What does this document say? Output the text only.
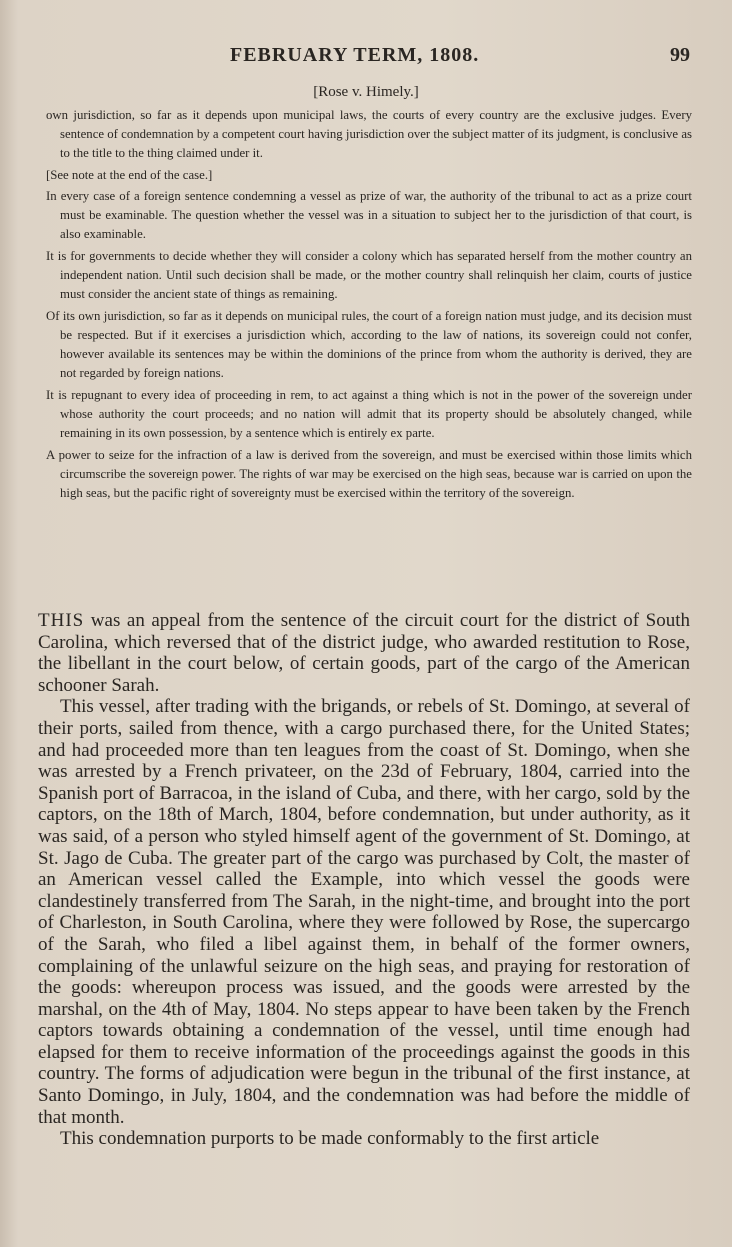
FEBRUARY TERM, 1808.	99
[Rose v. Himely.]

own jurisdiction, so far as it depends upon municipal laws, the courts of every country are the exclusive judges. Every sentence of condemnation by a competent court having jurisdiction over the subject matter of its judgment, is conclusive as to the title to the thing claimed under it.

[See note at the end of the case.]

In every case of a foreign sentence condemning a vessel as prize of war, the authority of the tribunal to act as a prize court must be examinable. The question whether the vessel was in a situation to subject her to the jurisdiction of that court, is also examinable.

It is for governments to decide whether they will consider a colony which has separated herself from the mother country an independent nation. Until such decision shall be made, or the mother country shall relinquish her claim, courts of justice must consider the ancient state of things as remaining.

Of its own jurisdiction, so far as it depends on municipal rules, the court of a foreign nation must judge, and its decision must be respected. But if it exercises a jurisdiction which, according to the law of nations, its sovereign could not confer, however available its sentences may be within the dominions of the prince from whom the authority is derived, they are not regarded by foreign nations.

It is repugnant to every idea of proceeding in rem, to act against a thing which is not in the power of the sovereign under whose authority the court proceeds; and no nation will admit that its property should be absolutely changed, while remaining in its own possession, by a sentence which is entirely ex parte.

A power to seize for the infraction of a law is derived from the sovereign, and must be exercised within those limits which circumscribe the sovereign power. The rights of war may be exercised on the high seas, because war is carried on upon the high seas, but the pacific right of sovereignty must be exercised within the territory of the sovereign.

THIS was an appeal from the sentence of the circuit court for the district of South Carolina, which reversed that of the district judge, who awarded restitution to Rose, the libellant in the court below, of certain goods, part of the cargo of the American schooner Sarah.

This vessel, after trading with the brigands, or rebels of St. Domingo, at several of their ports, sailed from thence, with a cargo purchased there, for the United States; and had proceeded more than ten leagues from the coast of St. Domingo, when she was arrested by a French privateer, on the 23d of February, 1804, carried into the Spanish port of Barracoa, in the island of Cuba, and there, with her cargo, sold by the captors, on the 18th of March, 1804, before condemnation, but under authority, as it was said, of a person who styled himself agent of the government of St. Domingo, at St. Jago de Cuba. The greater part of the cargo was purchased by Colt, the master of an American vessel called the Example, into which vessel the goods were clandestinely transferred from The Sarah, in the night-time, and brought into the port of Charleston, in South Carolina, where they were followed by Rose, the supercargo of the Sarah, who filed a libel against them, in behalf of the former owners, complaining of the unlawful seizure on the high seas, and praying for restoration of the goods: whereupon process was issued, and the goods were arrested by the marshal, on the 4th of May, 1804. No steps appear to have been taken by the French captors towards obtaining a condemnation of the vessel, until time enough had elapsed for them to receive information of the proceedings against the goods in this country. The forms of adjudication were begun in the tribunal of the first instance, at Santo Domingo, in July, 1804, and the condemnation was had before the middle of that month.

This condemnation purports to be made conformably to the first article
